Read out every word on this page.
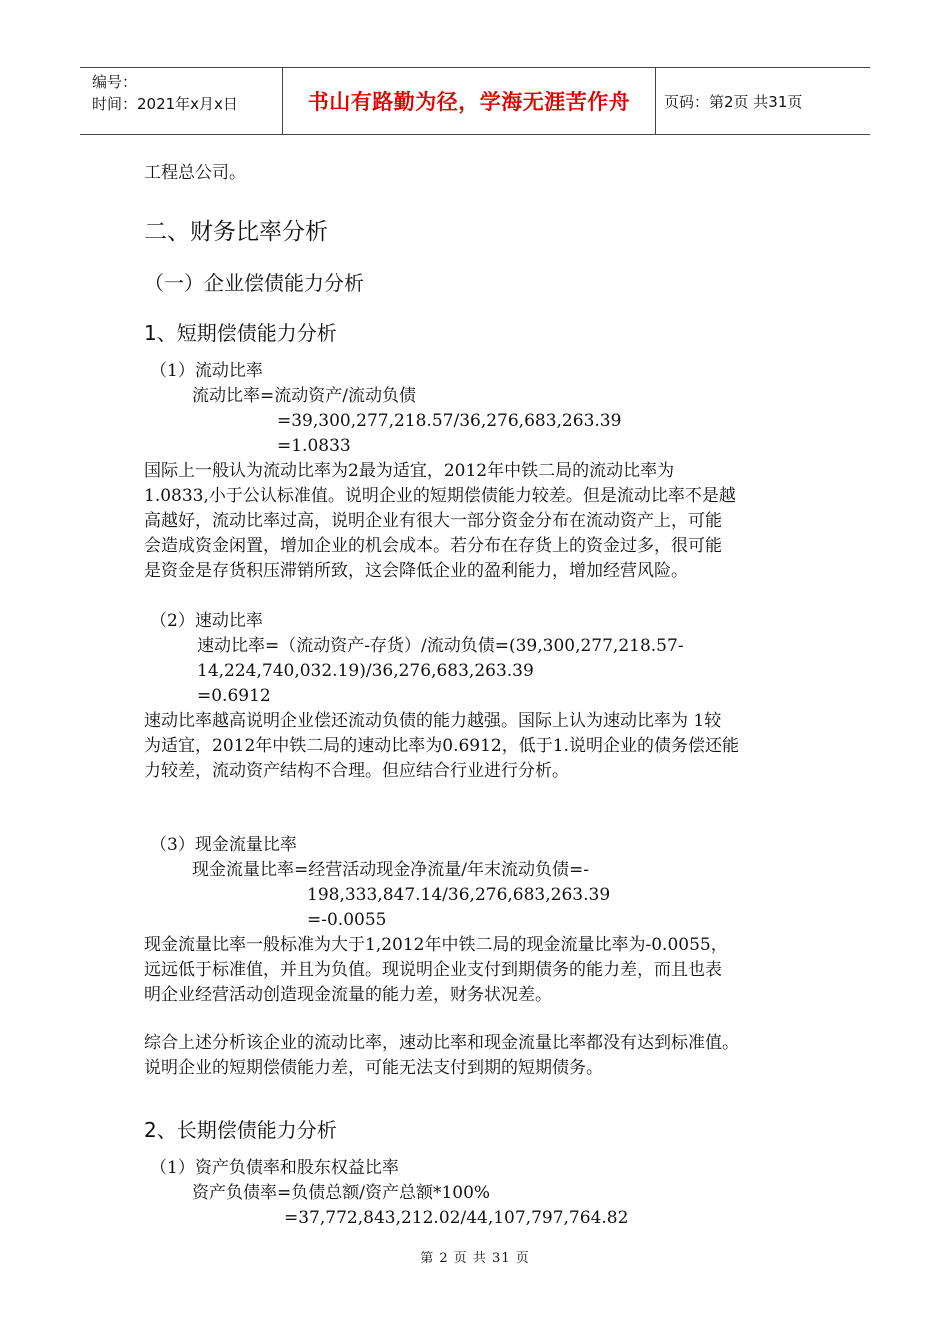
编号：
时间：2021年x月x日	书山有路勤为径，学海无涯苦作舟	页码：第2页 共31页
工程总公司。
二、财务比率分析
（一）企业偿债能力分析
1、短期偿债能力分析
（1）流动比率
流动比率=流动资产/流动负债
=39,300,277,218.57/36,276,683,263.39
=1.0833
国际上一般认为流动比率为2最为适宜，2012年中铁二局的流动比率为
1.0833,小于公认标准值。说明企业的短期偿债能力较差。但是流动比率不是越
高越好，流动比率过高，说明企业有很大一部分资金分布在流动资产上，可能
会造成资金闲置，增加企业的机会成本。若分布在存货上的资金过多，很可能
是资金是存货积压滞销所致，这会降低企业的盈利能力，增加经营风险。
（2）速动比率
速动比率=（流动资产-存货）/流动负债=(39,300,277,218.57-
14,224,740,032.19)/36,276,683,263.39
=0.6912
速动比率越高说明企业偿还流动负债的能力越强。国际上认为速动比率为 1较
为适宜，2012年中铁二局的速动比率为0.6912，低于1.说明企业的债务偿还能
力较差，流动资产结构不合理。但应结合行业进行分析。
（3）现金流量比率
现金流量比率=经营活动现金净流量/年末流动负债=-
198,333,847.14/36,276,683,263.39
=-0.0055
现金流量比率一般标准为大于1,2012年中铁二局的现金流量比率为-0.0055，
远远低于标准值，并且为负值。现说明企业支付到期债务的能力差，而且也表
明企业经营活动创造现金流量的能力差，财务状况差。
综合上述分析该企业的流动比率，速动比率和现金流量比率都没有达到标准值。
说明企业的短期偿债能力差，可能无法支付到期的短期债务。
2、长期偿债能力分析
（1）资产负债率和股东权益比率
资产负债率=负债总额/资产总额*100%
=37,772,843,212.02/44,107,797,764.82
第 2 页 共 31 页
